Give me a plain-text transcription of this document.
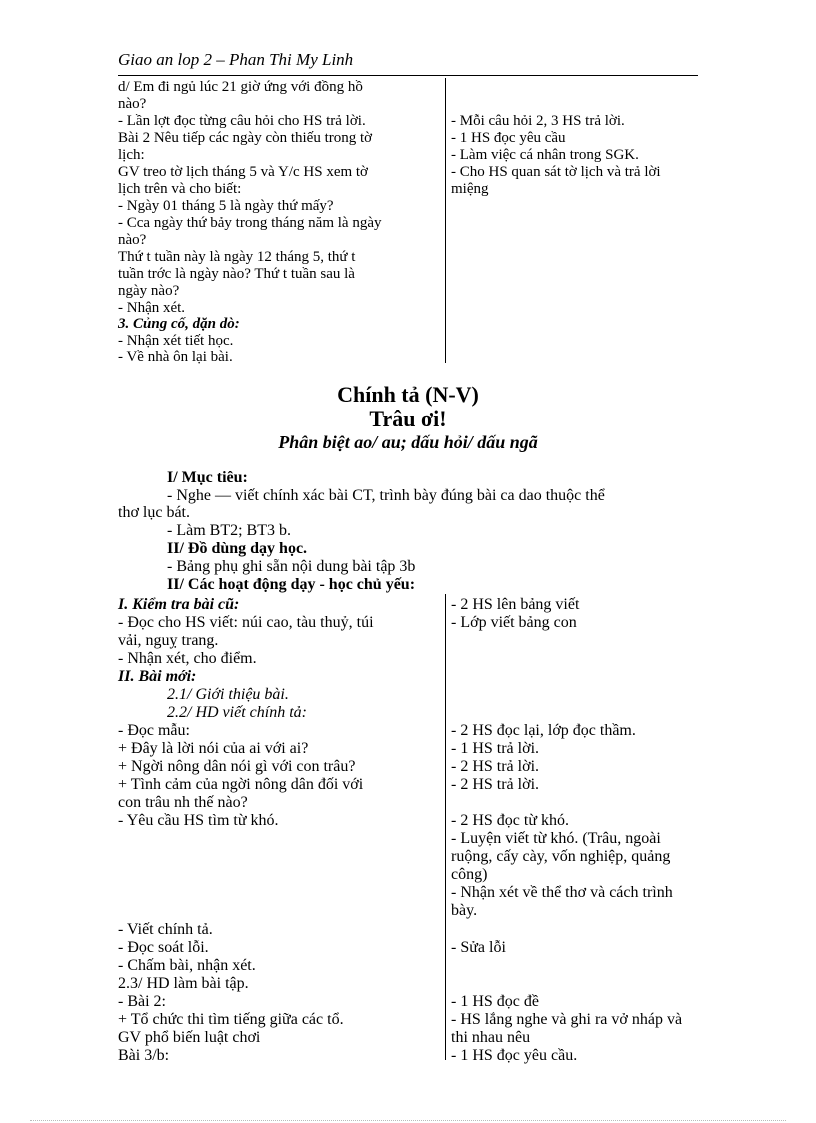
Giao an lop 2 – Phan Thi My Linh
d/ Em đi ngủ lúc 21 giờ ứng với đồng hồ
nào?
- Lần lợt đọc từng câu hỏi cho HS trả lời.
Bài 2 Nêu tiếp các ngày còn thiếu trong tờ
lịch:
GV treo tờ lịch tháng 5 và Y/c HS xem tờ
lịch trên và cho biết:
- Ngày 01 tháng 5 là ngày thứ mấy?
- Cca ngày thứ bảy trong tháng năm là ngày
nào?
Thứ t tuần này là ngày 12 tháng 5, thứ t
tuần trớc là ngày nào? Thứ t tuần sau là
ngày nào?
- Nhận xét.
3. Củng cố, dặn dò:
- Nhận xét tiết học.
- Về nhà ôn lại bài.
- Mỗi câu hỏi 2, 3 HS trả lời.
- 1 HS đọc yêu cầu
- Làm việc cá nhân trong SGK.
- Cho HS quan sát tờ lịch và trả lời
miệng
Chính tả (N-V)
Trâu ơi!
Phân biệt ao/ au; dấu hỏi/ dấu ngã
I/ Mục tiêu:
- Nghe — viết chính xác bài CT, trình bày đúng bài ca dao thuộc thể
thơ lục bát.
- Làm BT2; BT3 b.
II/ Đồ dùng dạy học.
- Bảng phụ ghi sẵn nội dung bài tập 3b
II/ Các hoạt động dạy - học chủ yếu:
I. Kiểm tra bài cũ:
- Đọc cho HS viết: núi cao, tàu thuỷ, túi
vải, nguỵ trang.
- Nhận xét, cho điểm.
II. Bài mới:
2.1/ Giới thiệu bài.
2.2/ HD viết chính tả:
- Đọc mẫu:
+ Đây là lời nói của ai với ai?
+ Ngời nông dân nói gì với con trâu?
+ Tình cảm của ngời nông dân đối với
con trâu nh thế nào?
- Yêu cầu HS tìm từ khó.
- Viết chính tả.
- Đọc soát lỗi.
- Chấm bài, nhận xét.
2.3/ HD làm bài tập.
- Bài 2:
+ Tổ chức thi tìm tiếng giữa các tổ.
GV phổ biến luật chơi
Bài 3/b:
- 2 HS lên bảng viết
- Lớp viết bảng con
- 2 HS đọc lại, lớp đọc thầm.
- 1 HS trả lời.
- 2 HS trả lời.
- 2 HS trả lời.
- 2 HS đọc từ khó.
- Luyện viết từ khó. (Trâu, ngoài
ruộng, cấy cày, vốn nghiệp, quảng
công)
- Nhận xét về thể thơ và cách trình
bày.
- Sửa lỗi
- 1 HS đọc đề
- HS lắng nghe và ghi ra vở nháp và
thi nhau nêu
- 1 HS đọc yêu cầu.
